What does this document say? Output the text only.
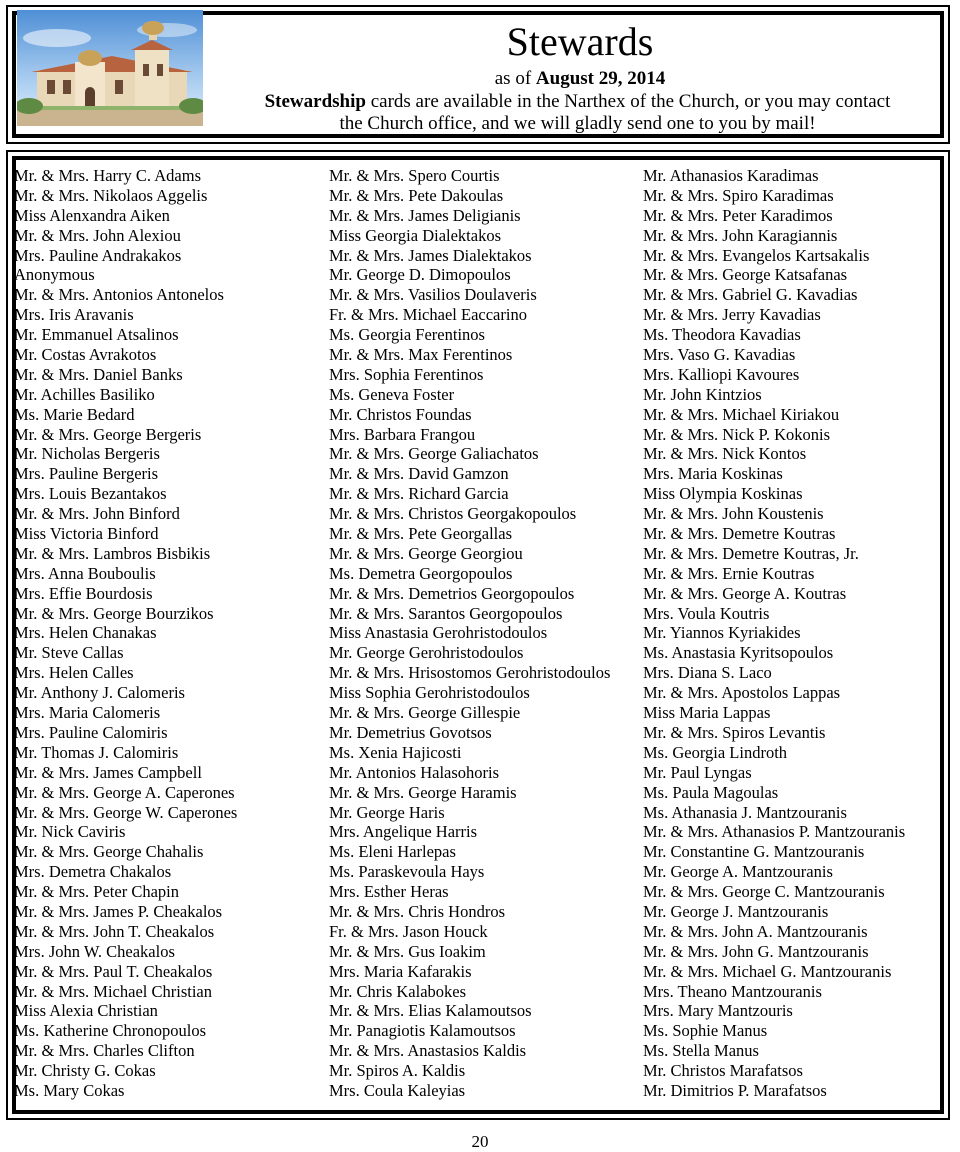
Stewards
as of August 29, 2014
Stewardship cards are available in the Narthex of the Church, or you may contact
the Church office, and we will gladly send one to you by mail!
Mr. & Mrs. Harry C. Adams
Mr. & Mrs. Nikolaos Aggelis
Miss Alenxandra Aiken
Mr. & Mrs. John Alexiou
Mrs. Pauline Andrakakos
Anonymous
Mr. & Mrs. Antonios Antonelos
Mrs. Iris Aravanis
Mr. Emmanuel Atsalinos
Mr. Costas Avrakotos
Mr. & Mrs. Daniel Banks
Mr. Achilles Basiliko
Ms. Marie Bedard
Mr. & Mrs. George Bergeris
Mr. Nicholas Bergeris
Mrs. Pauline Bergeris
Mrs. Louis Bezantakos
Mr. & Mrs. John Binford
Miss Victoria Binford
Mr. & Mrs. Lambros Bisbikis
Mrs. Anna Bouboulis
Mrs. Effie Bourdosis
Mr. & Mrs. George Bourzikos
Mrs. Helen Chanakas
Mr. Steve Callas
Mrs. Helen Calles
Mr. Anthony J. Calomeris
Mrs. Maria Calomeris
Mrs. Pauline Calomiris
Mr. Thomas J. Calomiris
Mr. & Mrs. James Campbell
Mr. & Mrs. George A. Caperones
Mr. & Mrs. George W. Caperones
Mr. Nick Caviris
Mr. & Mrs. George Chahalis
Mrs. Demetra Chakalos
Mr. & Mrs. Peter Chapin
Mr. & Mrs. James P. Cheakalos
Mr. & Mrs. John T. Cheakalos
Mrs. John W. Cheakalos
Mr. & Mrs. Paul T. Cheakalos
Mr. & Mrs. Michael Christian
Miss Alexia Christian
Ms. Katherine Chronopoulos
Mr. & Mrs. Charles Clifton
Mr. Christy G. Cokas
Ms. Mary Cokas
Mr. & Mrs. Spero Courtis
Mr. & Mrs. Pete Dakoulas
Mr. & Mrs. James Deligianis
Miss Georgia Dialektakos
Mr. & Mrs. James Dialektakos
Mr. George D. Dimopoulos
Mr. & Mrs. Vasilios Doulaveris
Fr. & Mrs. Michael Eaccarino
Ms. Georgia Ferentinos
Mr. & Mrs. Max Ferentinos
Mrs. Sophia Ferentinos
Ms. Geneva Foster
Mr. Christos Foundas
Mrs. Barbara Frangou
Mr. & Mrs. George Galiachatos
Mr. & Mrs. David Gamzon
Mr. & Mrs. Richard Garcia
Mr. & Mrs. Christos Georgakopoulos
Mr. & Mrs. Pete Georgallas
Mr. & Mrs. George Georgiou
Ms. Demetra Georgopoulos
Mr. & Mrs. Demetrios Georgopoulos
Mr. & Mrs. Sarantos Georgopoulos
Miss Anastasia Gerohristodoulos
Mr. George Gerohristodoulos
Mr. & Mrs. Hrisostomos Gerohristodoulos
Miss Sophia Gerohristodoulos
Mr. & Mrs. George Gillespie
Mr. Demetrius Govotsos
Ms. Xenia Hajicosti
Mr. Antonios Halasohoris
Mr. & Mrs. George Haramis
Mr. George Haris
Mrs. Angelique Harris
Ms. Eleni Harlepas
Ms. Paraskevoula Hays
Mrs. Esther Heras
Mr. & Mrs. Chris Hondros
Fr. & Mrs. Jason Houck
Mr. & Mrs. Gus Ioakim
Mrs. Maria Kafarakis
Mr. Chris Kalabokes
Mr. & Mrs. Elias Kalamoutsos
Mr. Panagiotis Kalamoutsos
Mr. & Mrs. Anastasios Kaldis
Mr. Spiros A. Kaldis
Mrs. Coula Kaleyias
Mr. Athanasios Karadimas
Mr. & Mrs. Spiro Karadimas
Mr. & Mrs. Peter Karadimos
Mr. & Mrs. John Karagiannis
Mr. & Mrs. Evangelos Kartsakalis
Mr. & Mrs. George Katsafanas
Mr. & Mrs. Gabriel G. Kavadias
Mr. & Mrs. Jerry Kavadias
Ms. Theodora Kavadias
Mrs. Vaso G. Kavadias
Mrs. Kalliopi Kavoures
Mr. John Kintzios
Mr. & Mrs. Michael Kiriakou
Mr. & Mrs. Nick P. Kokonis
Mr. & Mrs. Nick Kontos
Mrs. Maria Koskinas
Miss Olympia Koskinas
Mr. & Mrs. John Koustenis
Mr. & Mrs. Demetre Koutras
Mr. & Mrs. Demetre Koutras, Jr.
Mr. & Mrs. Ernie Koutras
Mr. & Mrs. George A. Koutras
Mrs. Voula Koutris
Mr. Yiannos Kyriakides
Ms. Anastasia Kyritsopoulos
Mrs. Diana S. Laco
Mr. & Mrs. Apostolos Lappas
Miss Maria Lappas
Mr. & Mrs. Spiros Levantis
Ms. Georgia Lindroth
Mr. Paul Lyngas
Ms. Paula Magoulas
Ms. Athanasia J. Mantzouranis
Mr. & Mrs. Athanasios P. Mantzouranis
Mr. Constantine G. Mantzouranis
Mr. George A. Mantzouranis
Mr. & Mrs. George C. Mantzouranis
Mr. George J. Mantzouranis
Mr. & Mrs. John A. Mantzouranis
Mr. & Mrs. John G. Mantzouranis
Mr. & Mrs. Michael G. Mantzouranis
Mrs. Theano Mantzouranis
Mrs. Mary Mantzouris
Ms. Sophie Manus
Ms. Stella Manus
Mr. Christos Marafatsos
Mr. Dimitrios P. Marafatsos
20
